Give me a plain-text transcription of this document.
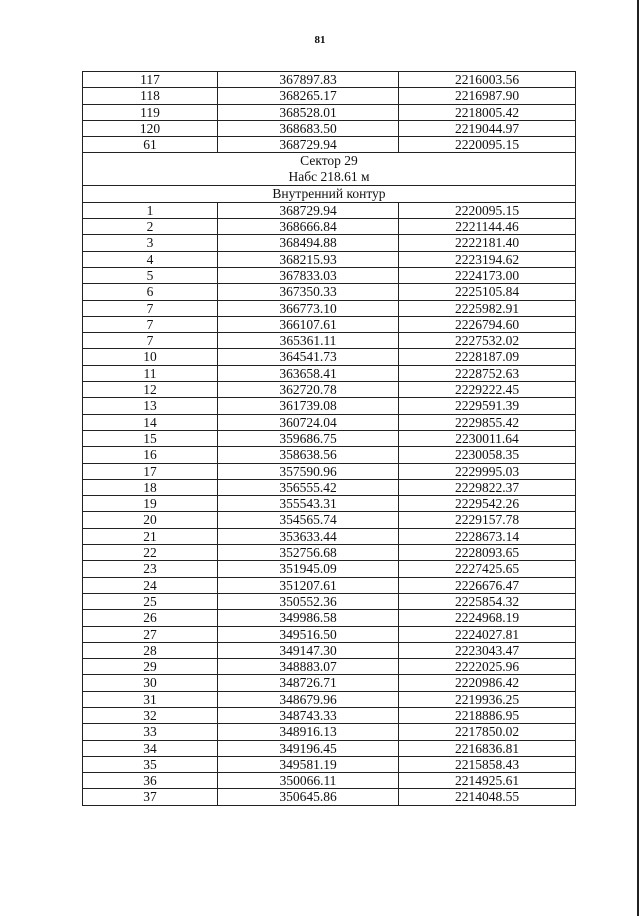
81
117	367897.83	2216003.56
118	368265.17	2216987.90
119	368528.01	2218005.42
120	368683.50	2219044.97
61	368729.94	2220095.15

Сектор 29
Набс 218.61 м		

Внутренний контур		
1	368729.94	2220095.15
2	368666.84	2221144.46
3	368494.88	2222181.40
4	368215.93	2223194.62
5	367833.03	2224173.00
6	367350.33	2225105.84
7	366773.10	2225982.91
7	366107.61	2226794.60
7	365361.11	2227532.02
10	364541.73	2228187.09
11	363658.41	2228752.63
12	362720.78	2229222.45
13	361739.08	2229591.39
14	360724.04	2229855.42
15	359686.75	2230011.64
16	358638.56	2230058.35
17	357590.96	2229995.03
18	356555.42	2229822.37
19	355543.31	2229542.26
20	354565.74	2229157.78
21	353633.44	2228673.14
22	352756.68	2228093.65
23	351945.09	2227425.65
24	351207.61	2226676.47
25	350552.36	2225854.32
26	349986.58	2224968.19
27	349516.50	2224027.81
28	349147.30	2223043.47
29	348883.07	2222025.96
30	348726.71	2220986.42
31	348679.96	2219936.25
32	348743.33	2218886.95
33	348916.13	2217850.02
34	349196.45	2216836.81
35	349581.19	2215858.43
36	350066.11	2214925.61
37	350645.86	2214048.55
